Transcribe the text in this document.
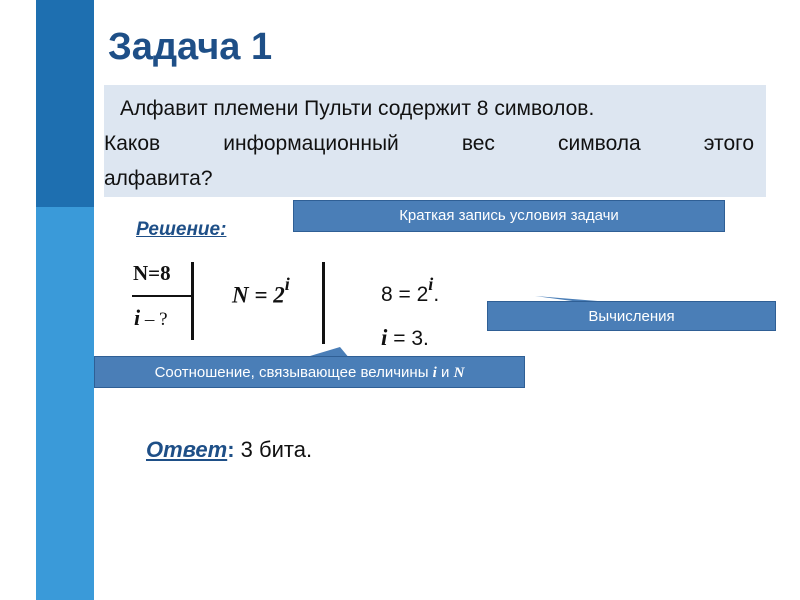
Задача 1
Алфавит племени Пульти содержит 8 символов.
Каков информационный вес символа этого
алфавита?
Краткая запись условия задачи
Вычисления
Соотношение, связывающее величины i и N
Решение:
N=8
i – ?
$N = 2^i$	$8 = 2^i$.
i = 3.
Ответ: 3 бита.
